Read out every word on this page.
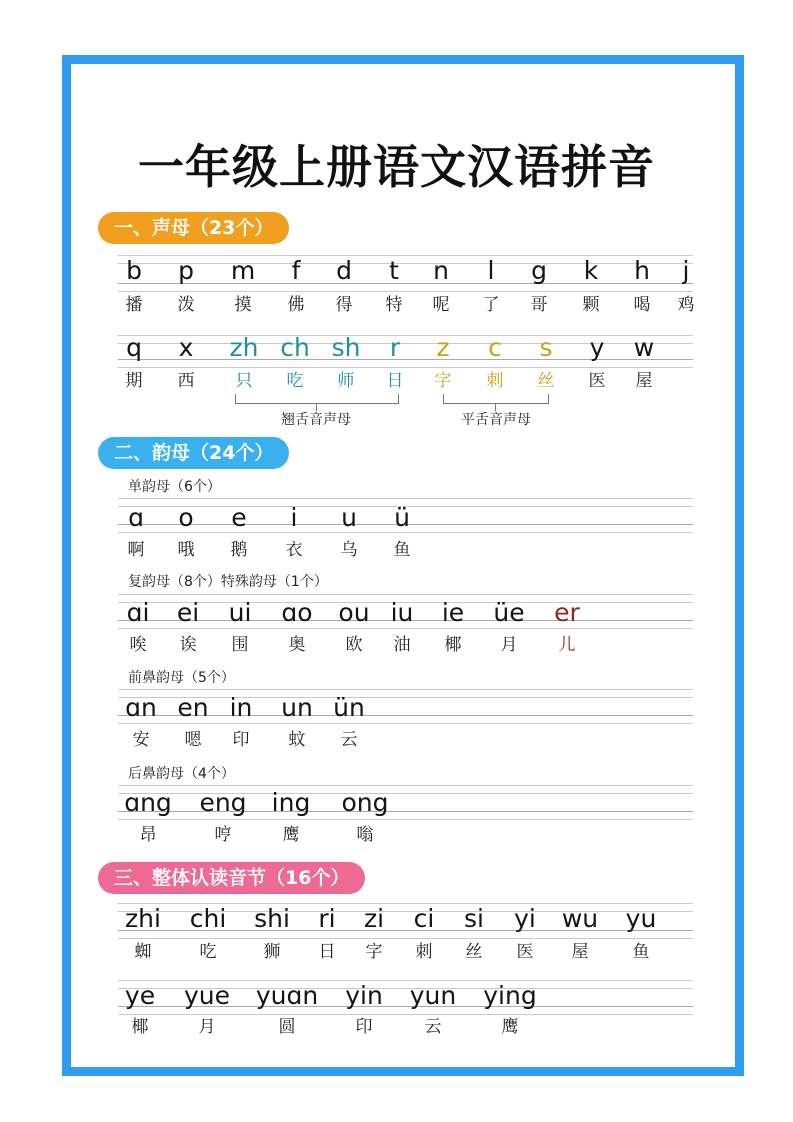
一年级上册语文汉语拼音
一、声母（23个）
b p m f d t n l g k h j
播 泼 摸 佛 得 特 呢 了 哥 颗 喝 鸡
q x zh ch sh r z c s y w
期 西 只 吃 师 日 字 刺 丝 医 屋
翘舌音声母	平舌音声母
二、韵母（24个）
单韵母（6个）
ɑ o e i u ü
啊 哦 鹅 衣 乌 鱼
复韵母（8个）特殊韵母（1个）
ɑi ei ui ɑo ou iu ie üe er
唉 诶 围 奥 欧 油 椰 月 儿
前鼻韵母（5个）
ɑn en in un ün
安 嗯 印 蚊 云
后鼻韵母（4个）
ɑng eng ing ong
昂	哼	鹰	嗡
三、整体认读音节（16个）
zhi chi shi ri zi ci si yi wu yu
蜘	吃	狮 日 字 刺 丝 医 屋	鱼
ye yue yuɑn yin yun ying
椰	月	圆	印	云	鹰
